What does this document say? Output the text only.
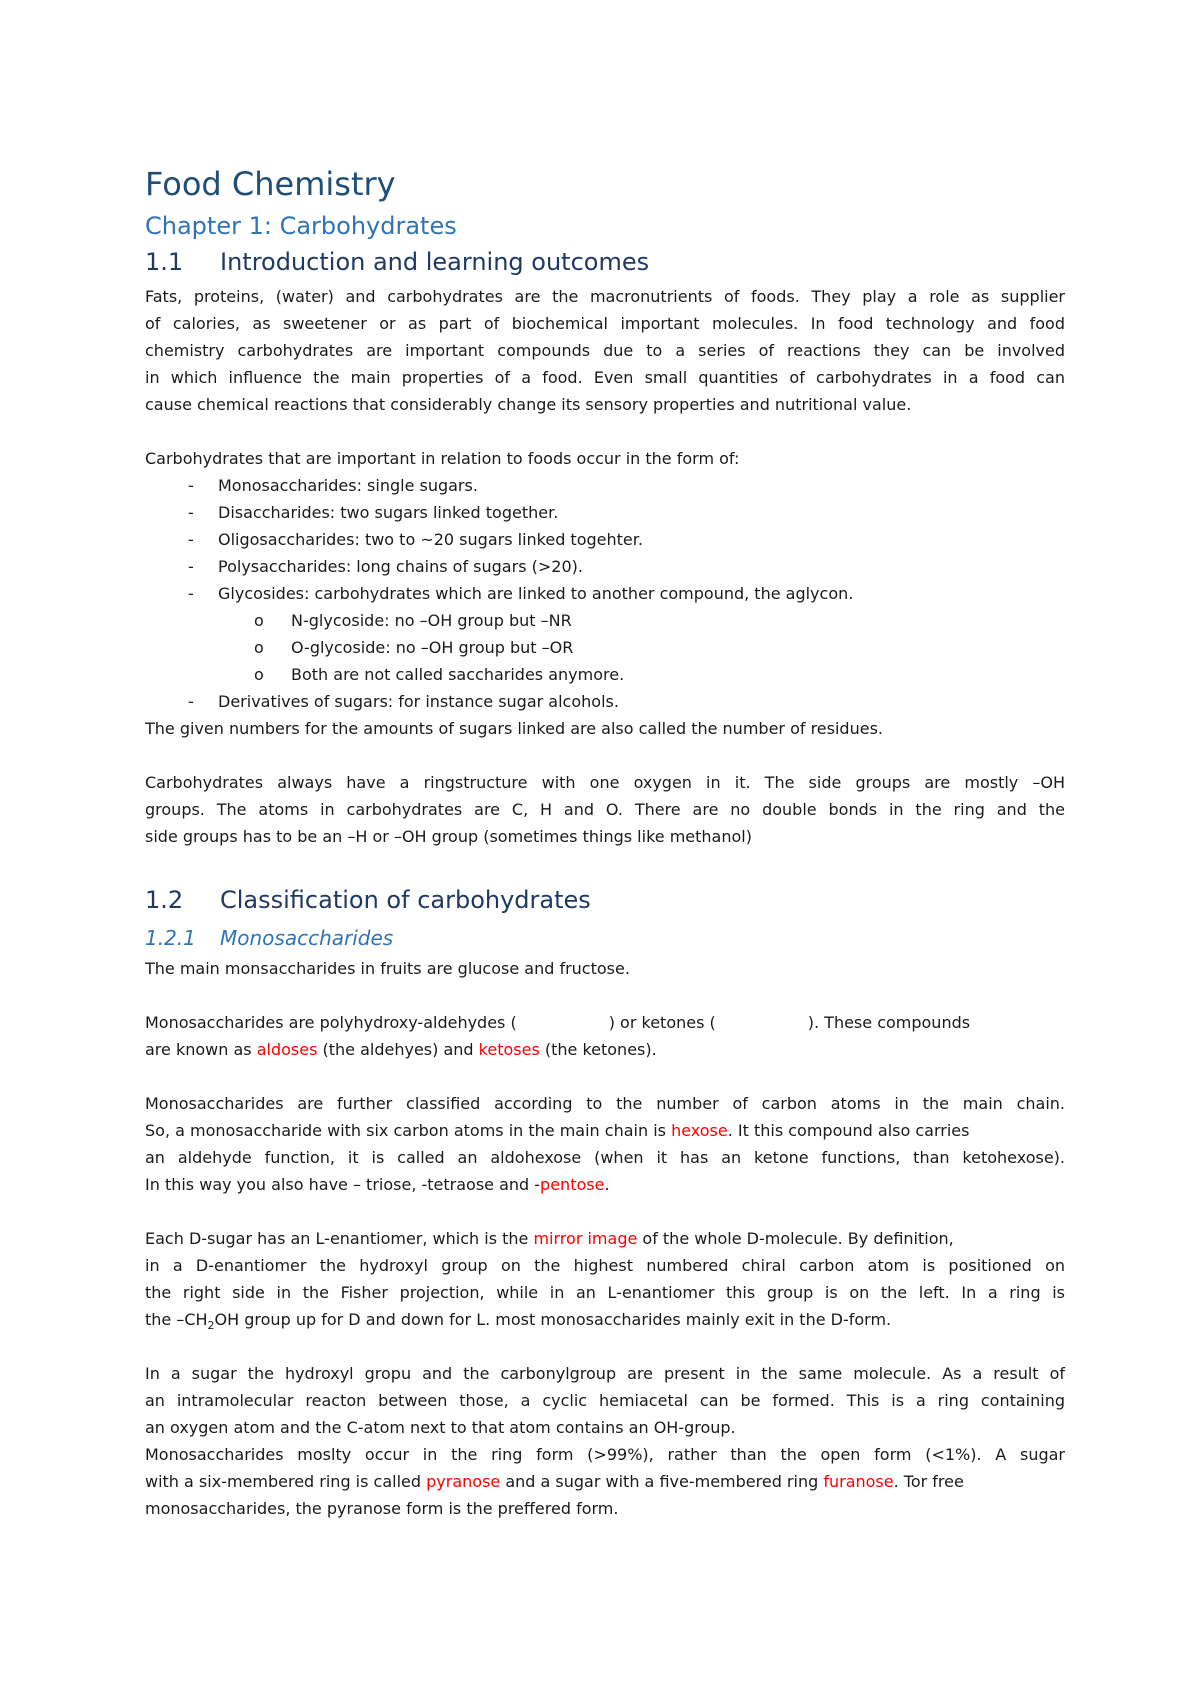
Food Chemistry
Chapter 1: Carbohydrates
1.1 Introduction and learning outcomes

Fats, proteins, (water) and carbohydrates are the macronutrients of foods. They play a role as supplier

of calories, as sweetener or as part of biochemical important molecules. In food technology and food

chemistry carbohydrates are important compounds due to a series of reactions they can be involved

in which influence the main properties of a food. Even small quantities of carbohydrates in a food can

cause chemical reactions that considerably change its sensory properties and nutritional value.

Carbohydrates that are important in relation to foods occur in the form of:

- Monosaccharides: single sugars.
- Disaccharides: two sugars linked together.
- Oligosaccharides: two to ~20 sugars linked togehter.
- Polysaccharides: long chains of sugars (>20).
- Glycosides: carbohydrates which are linked to another compound, the aglycon.
o N-glycoside: no –OH group but –NR
o O-glycoside: no –OH group but –OR
o Both are not called saccharides anymore.
- Derivatives of sugars: for instance sugar alcohols.

The given numbers for the amounts of sugars linked are also called the number of residues.

Carbohydrates always have a ringstructure with one oxygen in it. The side groups are mostly –OH

groups. The atoms in carbohydrates are C, H and O. There are no double bonds in the ring and the

side groups has to be an –H or –OH group (sometimes things like methanol)

1.2 Classification of carbohydrates
1.2.1 Monosaccharides

The main monsaccharides in fruits are glucose and fructose.

Monosaccharides are polyhydroxy-aldehydes (	) or ketones (	). These compounds

are known as aldoses (the aldehyes) and ketoses (the ketones).

Monosaccharides are further classified according to the number of carbon atoms in the main chain.

So, a monosaccharide with six carbon atoms in the main chain is hexose. It this compound also carries

an aldehyde function, it is called an aldohexose (when it has an ketone functions, than ketohexose).

In this way you also have – triose, -tetraose and -pentose.

Each D-sugar has an L-enantiomer, which is the mirror image of the whole D-molecule. By definition,

in a D-enantiomer the hydroxyl group on the highest numbered chiral carbon atom is positioned on

the right side in the Fisher projection, while in an L-enantiomer this group is on the left. In a ring is

the $-CH_2OH$ group up for D and down for L. most monosaccharides mainly exit in the D-form.

In a sugar the hydroxyl gropu and the carbonylgroup are present in the same molecule. As a result of

an intramolecular reacton between those, a cyclic hemiacetal can be formed. This is a ring containing

an oxygen atom and the C-atom next to that atom contains an OH-group.

Monosaccharides moslty occur in the ring form (>99%), rather than the open form (<1%). A sugar

with a six-membered ring is called pyranose and a sugar with a five-membered ring furanose. Tor free

monosaccharides, the pyranose form is the preffered form.
